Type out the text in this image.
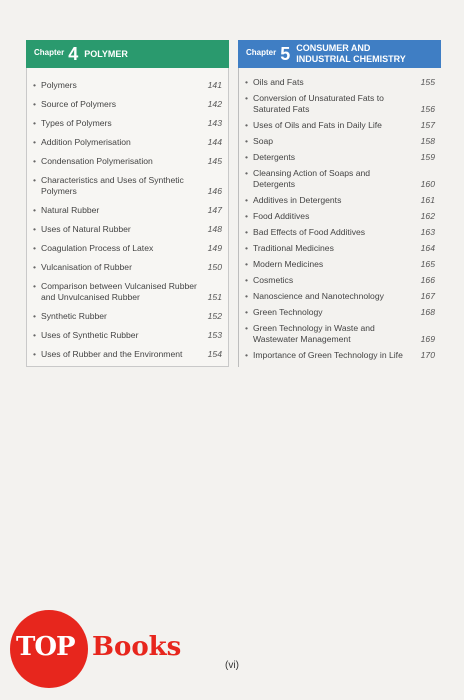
Chapter 4 POLYMER
• Polymers	141
• Source of Polymers	142
• Types of Polymers	143
• Addition Polymerisation	144
• Condensation Polymerisation	145
• Characteristics and Uses of Synthetic Polymers	146
• Natural Rubber	147
• Uses of Natural Rubber	148
• Coagulation Process of Latex	149
• Vulcanisation of Rubber	150
• Comparison between Vulcanised Rubber and Unvulcanised Rubber	151
• Synthetic Rubber	152
• Uses of Synthetic Rubber	153
• Uses of Rubber and the Environment	154
Chapter 5 CONSUMER AND
INDUSTRIAL CHEMISTRY
• Oils and Fats	155
• Conversion of Unsaturated Fats to Saturated Fats	156
• Uses of Oils and Fats in Daily Life	157
• Soap	158
• Detergents	159
• Cleansing Action of Soaps and Detergents	160
• Additives in Detergents	161
• Food Additives	162
• Bad Effects of Food Additives	163
• Traditional Medicines	164
• Modern Medicines	165
• Cosmetics	166
• Nanoscience and Nanotechnology	167
• Green Technology	168
• Green Technology in Waste and Wastewater Management	169
• Importance of Green Technology in Life	170
TOP Books
(vi)
